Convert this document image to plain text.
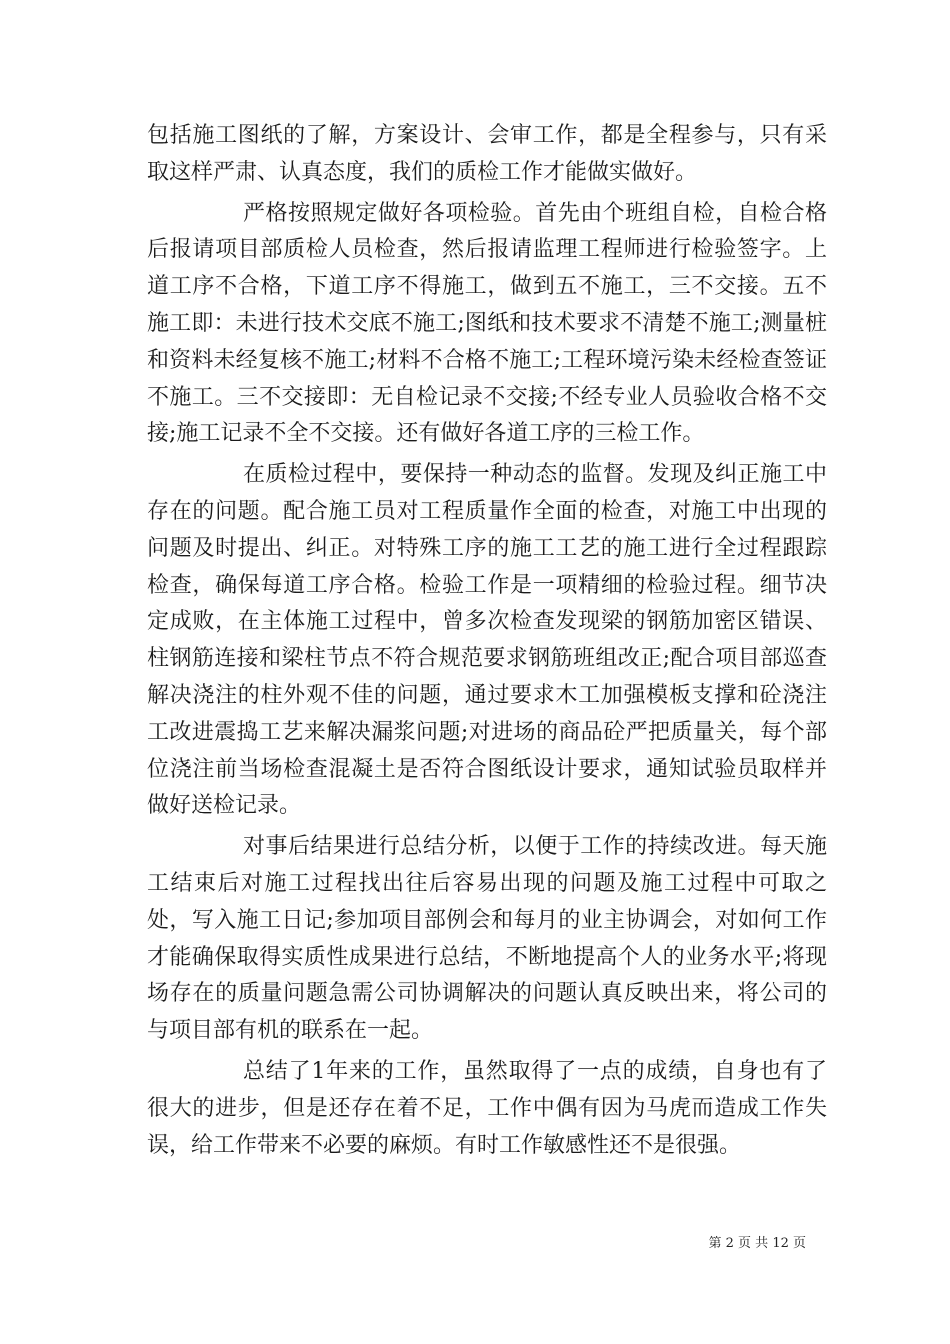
包括施工图纸的了解，方案设计、会审工作，都是全程参与，只有采取这样严肃、认真态度，我们的质检工作才能做实做好。

严格按照规定做好各项检验。首先由个班组自检，自检合格后报请项目部质检人员检查，然后报请监理工程师进行检验签字。上道工序不合格，下道工序不得施工，做到五不施工，三不交接。五不施工即：未进行技术交底不施工;图纸和技术要求不清楚不施工;测量桩和资料未经复核不施工;材料不合格不施工;工程环境污染未经检查签证不施工。三不交接即：无自检记录不交接;不经专业人员验收合格不交接;施工记录不全不交接。还有做好各道工序的三检工作。

在质检过程中，要保持一种动态的监督。发现及纠正施工中存在的问题。配合施工员对工程质量作全面的检查，对施工中出现的问题及时提出、纠正。对特殊工序的施工工艺的施工进行全过程跟踪检查，确保每道工序合格。检验工作是一项精细的检验过程。细节决定成败，在主体施工过程中，曾多次检查发现梁的钢筋加密区错误、柱钢筋连接和梁柱节点不符合规范要求钢筋班组改正;配合项目部巡查解决浇注的柱外观不佳的问题，通过要求木工加强模板支撑和砼浇注工改进震捣工艺来解决漏浆问题;对进场的商品砼严把质量关，每个部位浇注前当场检查混凝土是否符合图纸设计要求，通知试验员取样并做好送检记录。

对事后结果进行总结分析，以便于工作的持续改进。每天施工结束后对施工过程找出往后容易出现的问题及施工过程中可取之处，写入施工日记;参加项目部例会和每月的业主协调会，对如何工作才能确保取得实质性成果进行总结，不断地提高个人的业务水平;将现场存在的质量问题急需公司协调解决的问题认真反映出来，将公司的与项目部有机的联系在一起。

总结了1年来的工作，虽然取得了一点的成绩，自身也有了很大的进步，但是还存在着不足，工作中偶有因为马虎而造成工作失误，给工作带来不必要的麻烦。有时工作敏感性还不是很强。

第 2 页 共 12 页
